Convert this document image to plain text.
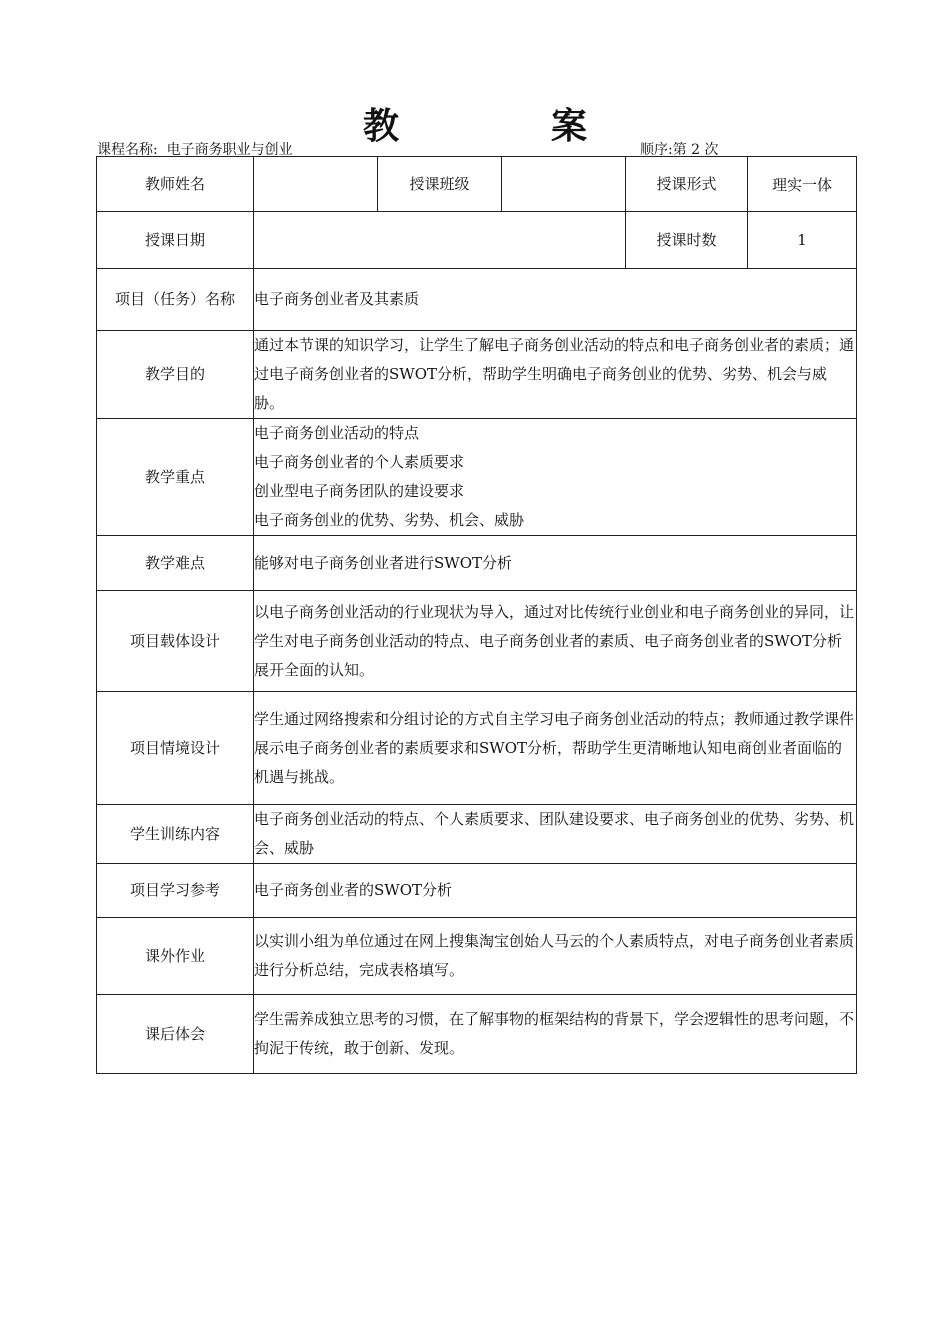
教　案
课程名称: 电子商务职业与创业	顺序:第 2 次
教师姓名		授课班级		授课形式	理实一体
授课日期				授课时数	1
项目（任务）名称	电子商务创业者及其素质				
教学目的	通过本节课的知识学习，让学生了解电子商务创业活动的特点和电子商务创业者的素质；通过电子商务创业者的SWOT分析，帮助学生明确电子商务创业的优势、劣势、机会与威胁。				
教学重点	电子商务创业活动的特点
电子商务创业者的个人素质要求
创业型电子商务团队的建设要求
电子商务创业的优势、劣势、机会、威胁				

教学难点	能够对电子商务创业者进行SWOT分析				
项目载体设计	以电子商务创业活动的行业现状为导入，通过对比传统行业创业和电子商务创业的异同，让学生对电子商务创业活动的特点、电子商务创业者的素质、电子商务创业者的SWOT分析展开全面的认知。				
项目情境设计	学生通过网络搜索和分组讨论的方式自主学习电子商务创业活动的特点；教师通过教学课件展示电子商务创业者的素质要求和SWOT分析，帮助学生更清晰地认知电商创业者面临的机遇与挑战。				
学生训练内容	电子商务创业活动的特点、个人素质要求、团队建设要求、电子商务创业的优势、劣势、机会、威胁				
项目学习参考	电子商务创业者的SWOT分析				
课外作业	以实训小组为单位通过在网上搜集淘宝创始人马云的个人素质特点，对电子商务创业者素质进行分析总结，完成表格填写。				
课后体会	学生需养成独立思考的习惯，在了解事物的框架结构的背景下，学会逻辑性的思考问题，不拘泥于传统，敢于创新、发现。				
